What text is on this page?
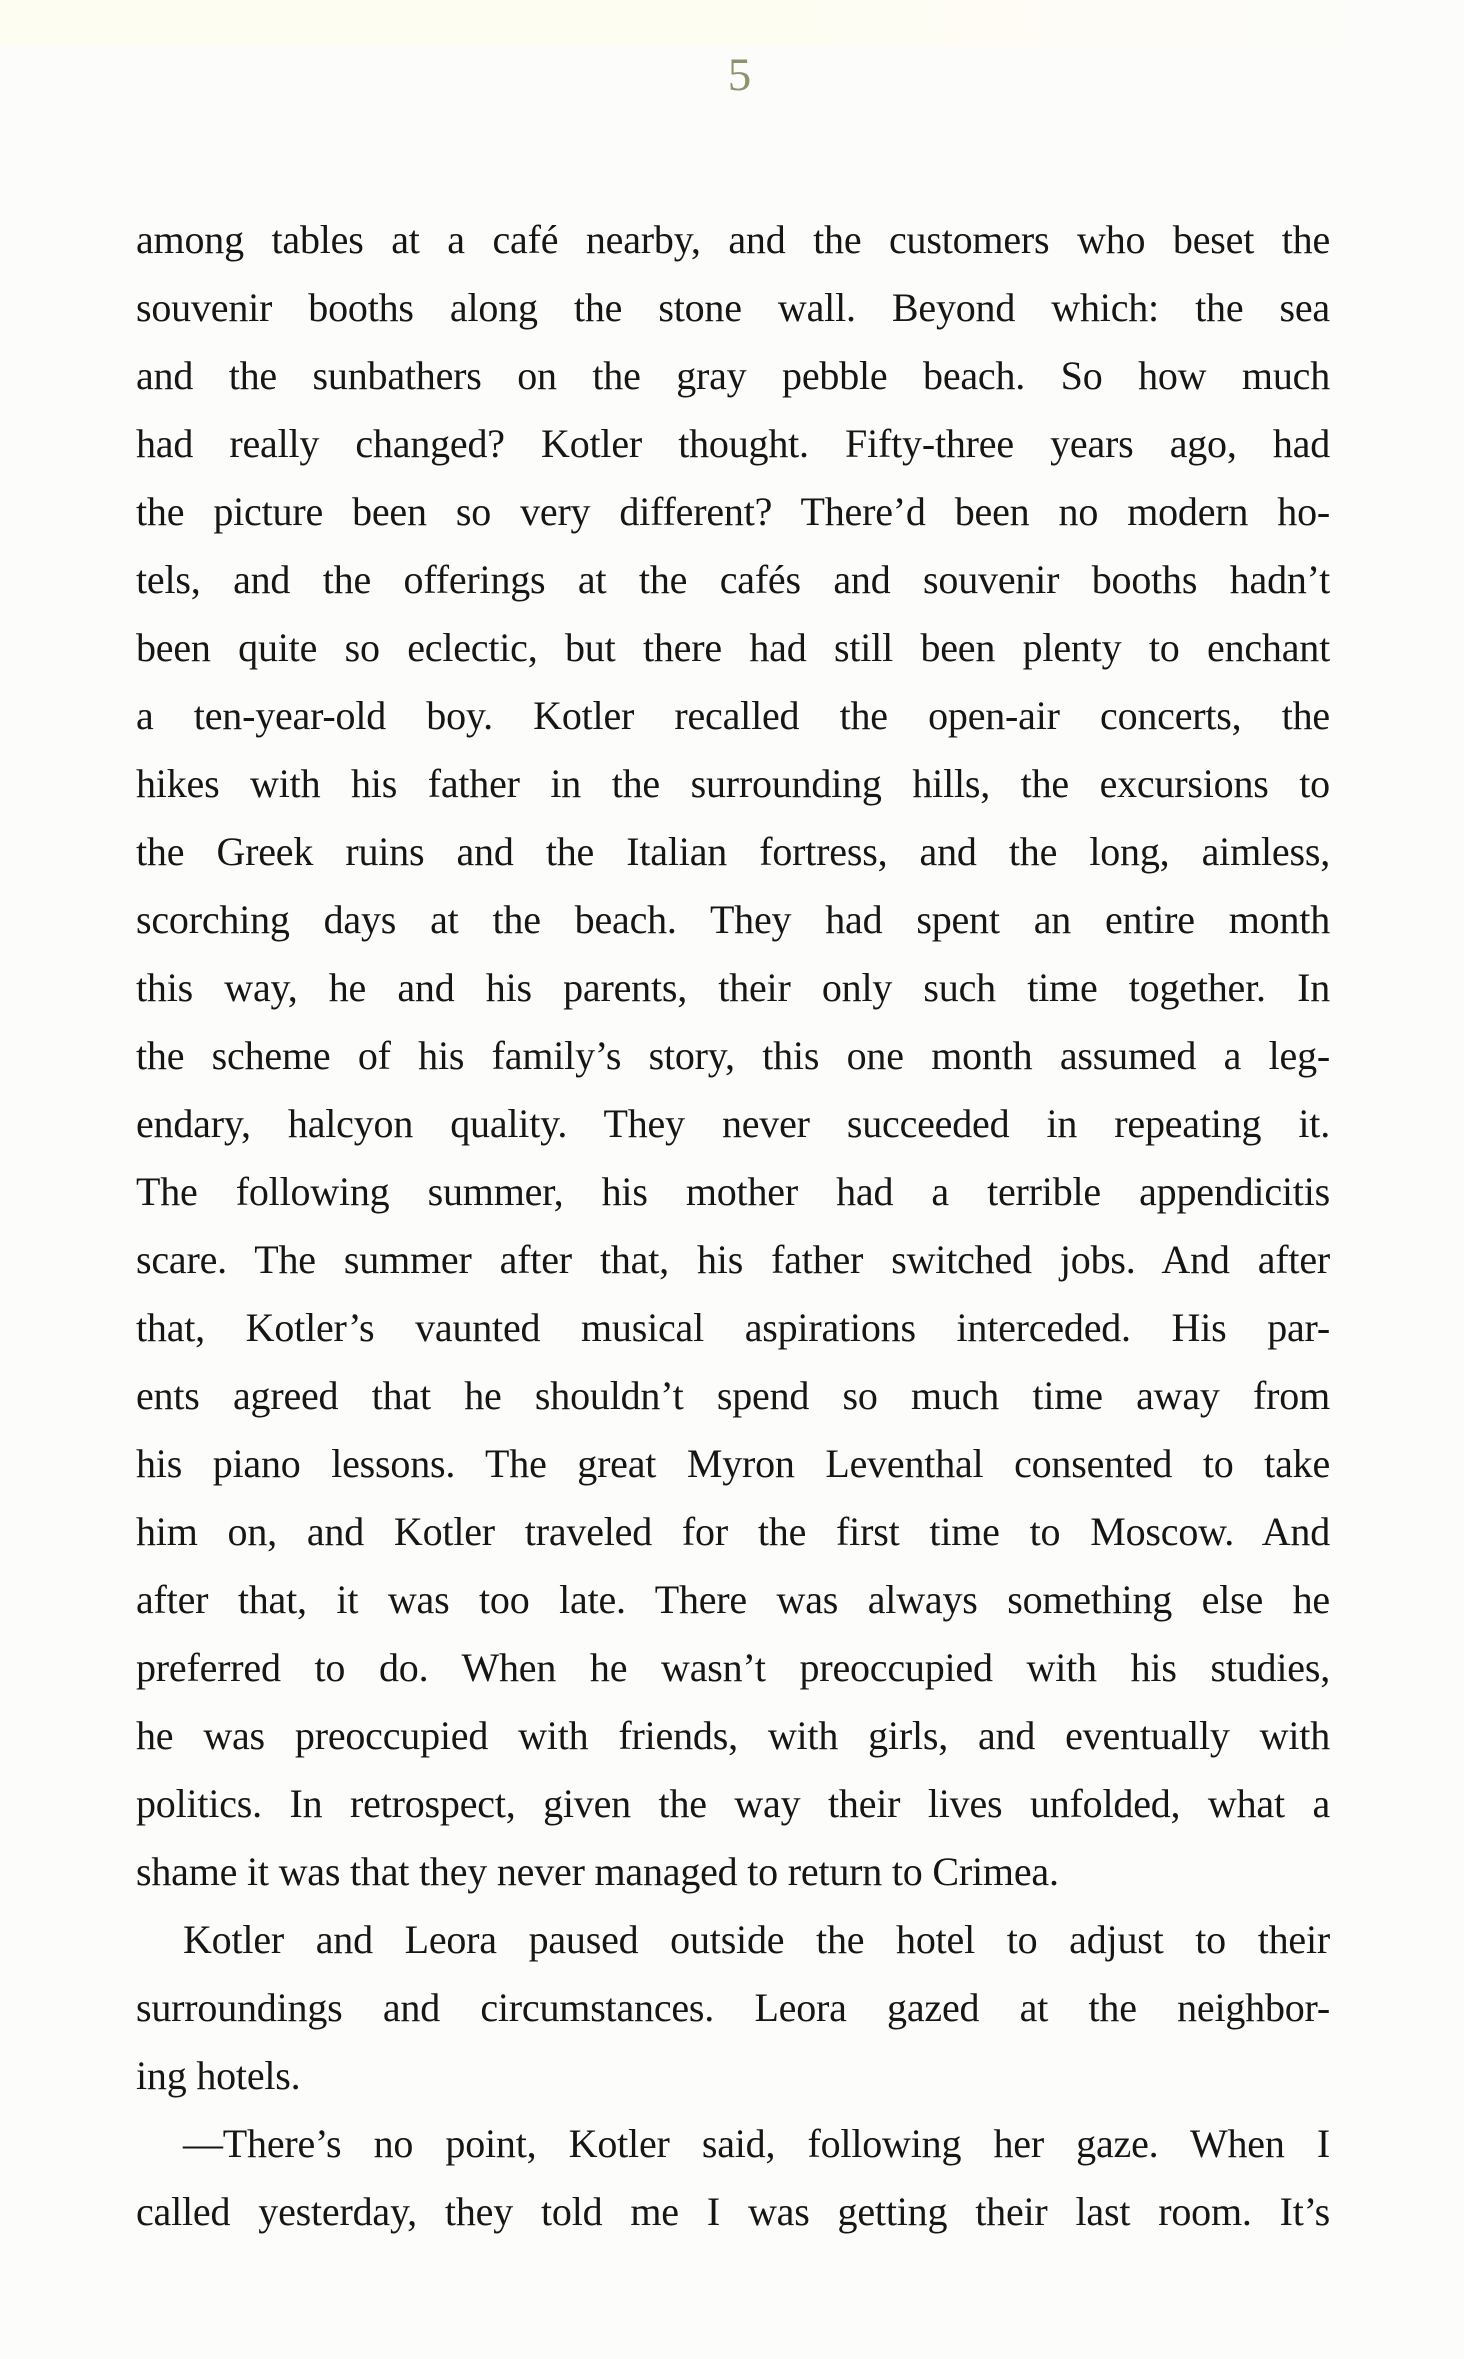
5
among tables at a café nearby, and the customers who beset the
souvenir booths along the stone wall. Beyond which: the sea
and the sunbathers on the gray pebble beach. So how much
had really changed? Kotler thought. Fifty-three years ago, had
the picture been so very different? There’d been no modern ho-
tels, and the offerings at the cafés and souvenir booths hadn’t
been quite so eclectic, but there had still been plenty to enchant
a ten-year-old boy. Kotler recalled the open-air concerts, the
hikes with his father in the surrounding hills, the excursions to
the Greek ruins and the Italian fortress, and the long, aimless,
scorching days at the beach. They had spent an entire month
this way, he and his parents, their only such time together. In
the scheme of his family’s story, this one month assumed a leg-
endary, halcyon quality. They never succeeded in repeating it.
The following summer, his mother had a terrible appendicitis
scare. The summer after that, his father switched jobs. And after
that, Kotler’s vaunted musical aspirations interceded. His par-
ents agreed that he shouldn’t spend so much time away from
his piano lessons. The great Myron Leventhal consented to take
him on, and Kotler traveled for the first time to Moscow. And
after that, it was too late. There was always something else he
preferred to do. When he wasn’t preoccupied with his studies,
he was preoccupied with friends, with girls, and eventually with
politics. In retrospect, given the way their lives unfolded, what a
shame it was that they never managed to return to Crimea.
Kotler and Leora paused outside the hotel to adjust to their
surroundings and circumstances. Leora gazed at the neighbor-
ing hotels.
—There’s no point, Kotler said, following her gaze. When I
called yesterday, they told me I was getting their last room. It’s
